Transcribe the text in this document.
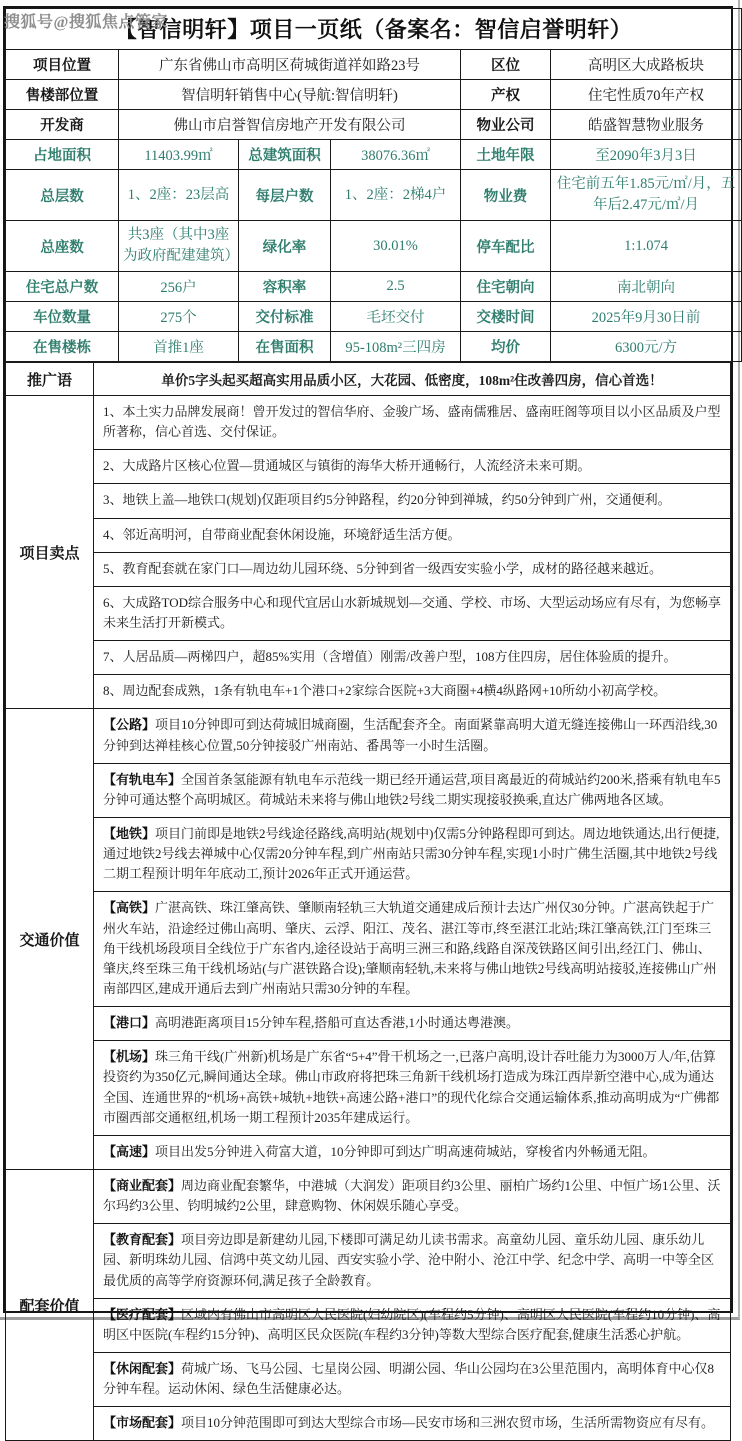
搜狐号@搜狐焦点管家
【智信明轩】项目一页纸（备案名：智信启誉明轩）					
项目位置	广东省佛山市高明区荷城街道祥如路23号			区位	高明区大成路板块
售楼部位置	智信明轩销售中心(导航:智信明轩)			产权	住宅性质70年产权
开发商	佛山市启誉智信房地产开发有限公司			物业公司	皓盛智慧物业服务
占地面积	11403.99㎡	总建筑面积	38076.36㎡	土地年限	至2090年3月3日
总层数	1、2座：23层高	每层户数	1、2座：2梯4户	物业费	住宅前五年1.85元/㎡/月，五年后2.47元/㎡/月
总座数	共3座（其中3座为政府配建建筑）	绿化率	30.01%	停车配比	1:1.074
住宅总户数	256户	容积率	2.5	住宅朝向	南北朝向
车位数量	275个	交付标准	毛坯交付	交楼时间	2025年9月30日前
在售楼栋	首推1座	在售面积	95-108m²三四房	均价	6300元/方
推广语	单价5字头起买超高实用品质小区，大花园、低密度，108m²住改善四房，信心首选！
项目卖点	
1、本土实力品牌发展商！曾开发过的智信华府、金骏广场、盛南儒雅居、盛南旺阁等项目以小区品质及户型所著称，信心首选、交付保证。
2、大成路片区核心位置—贯通城区与镇街的海华大桥开通畅行，人流经济未来可期。
3、地铁上盖—地铁口(规划)仅距项目约5分钟路程，约20分钟到禅城，约50分钟到广州，交通便利。
4、邻近高明河，自带商业配套休闲设施，环境舒适生活方便。
5、教育配套就在家门口—周边幼儿园环绕、5分钟到省一级西安实验小学，成材的路径越来越近。
6、大成路TOD综合服务中心和现代宜居山水新城规划—交通、学校、市场、大型运动场应有尽有，为您畅享未来生活打开新模式。
7、人居品质—两梯四户，超85%实用（含增值）刚需/改善户型，108方住四房，居住体验质的提升。
8、周边配套成熟，1条有轨电车+1个港口+2家综合医院+3大商圈+4横4纵路网+10所幼小初高学校。

交通价值	
【公路】项目10分钟即可到达荷城旧城商圈，生活配套齐全。南面紧靠高明大道无缝连接佛山一环西沿线,30分钟到达禅桂核心位置,50分钟接驳广州南站、番禺等一小时生活圈。
【有轨电车】全国首条氢能源有轨电车示范线一期已经开通运营,项目离最近的荷城站约200米,搭乘有轨电车5分钟可通达整个高明城区。荷城站未来将与佛山地铁2号线二期实现接驳换乘,直达广佛两地各区域。
【地铁】项目门前即是地铁2号线途径路线,高明站(规划中)仅需5分钟路程即可到达。周边地铁通达,出行便捷,通过地铁2号线去禅城中心仅需20分钟车程,到广州南站只需30分钟车程,实现1小时广佛生活圈,其中地铁2号线二期工程预计明年年底动工,预计2026年正式开通运营。
【高铁】广湛高铁、珠江肇高铁、肇顺南轻轨三大轨道交通建成后预计去达广州仅30分钟。广湛高铁起于广州火车站，沿途经过佛山高明、肇庆、云浮、阳江、茂名、湛江等市,终至湛江北站;珠江肇高铁,江门至珠三角干线机场段项目全线位于广东省内,途径设站于高明三洲三和路,线路自深茂铁路区间引出,经江门、佛山、肇庆,终至珠三角干线机场站(与广湛铁路合设);肇顺南轻轨,未来将与佛山地铁2号线高明站接驳,连接佛山广州南部四区,建成开通后去到广州南站只需30分钟的车程。
【港口】高明港距离项目15分钟车程,搭船可直达香港,1小时通达粤港澳。
【机场】珠三角干线(广州新)机场是广东省“5+4”骨干机场之一,已落户高明,设计吞吐能力为3000万人/年,估算投资约为350亿元,瞬间通达全球。佛山市政府将把珠三角新干线机场打造成为珠江西岸新空港中心,成为通达全国、连通世界的“机场+高铁+城轨+地铁+高速公路+港口”的现代化综合交通运输体系,推动高明成为“广佛都市圈西部交通枢纽,机场一期工程预计2035年建成运行。
【高速】项目出发5分钟进入荷富大道，10分钟即可到达广明高速荷城站，穿梭省内外畅通无阻。

配套价值	【商业配套】周边商业配套繁华，中港城（大润发）距项目约3公里、丽柏广场约1公里、中恒广场1公里、沃尔玛约3公里、钧明城约2公里，肆意购物、休闲娱乐随心享受。
【教育配套】项目旁边即是新建幼儿园,下楼即可满足幼儿读书需求。高童幼儿园、童乐幼儿园、康乐幼儿园、新明珠幼儿园、信鸿中英文幼儿园、西安实验小学、沧中附小、沧江中学、纪念中学、高明一中等全区最优质的高等学府资源环伺,满足孩子全龄教育。
【医疗配套】区域内有佛山市高明区人民医院(妇幼院区)(车程约5分钟)、高明区人民医院(车程约10分钟)、高明区中医院(车程约15分钟)、高明区民众医院(车程约3分钟)等数大型综合医疗配套,健康生活悉心护航。
【休闲配套】荷城广场、飞马公园、七星岗公园、明湖公园、华山公园均在3公里范围内，高明体育中心仅8分钟车程。运动休闲、绿色生活健康必达。
【市场配套】项目10分钟范围即可到达大型综合市场—民安市场和三洲农贸市场，生活所需物资应有尽有。
